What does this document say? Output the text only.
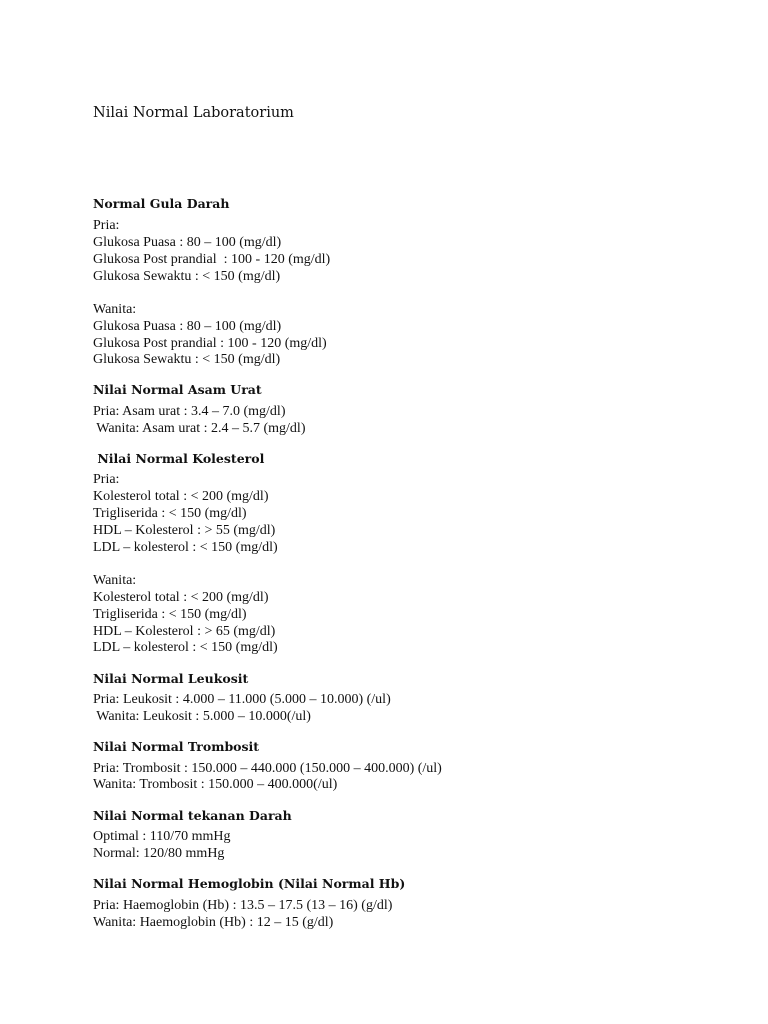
Nilai Normal Laboratorium
Normal Gula Darah

Pria:

Glukosa Puasa : 80 – 100 (mg/dl)

Glukosa Post prandial  : 100 - 120 (mg/dl)

Glukosa Sewaktu : < 150 (mg/dl)

Wanita:

Glukosa Puasa : 80 – 100 (mg/dl)

Glukosa Post prandial : 100 - 120 (mg/dl)

Glukosa Sewaktu : < 150 (mg/dl)

Nilai Normal Asam Urat

Pria: Asam urat : 3.4 – 7.0 (mg/dl)

Wanita: Asam urat : 2.4 – 5.7 (mg/dl)

Nilai Normal Kolesterol

Pria:

Kolesterol total : < 200 (mg/dl)

Trigliserida : < 150 (mg/dl)

HDL – Kolesterol : > 55 (mg/dl)

LDL – kolesterol : < 150 (mg/dl)

Wanita:

Kolesterol total : < 200 (mg/dl)

Trigliserida : < 150 (mg/dl)

HDL – Kolesterol : > 65 (mg/dl)

LDL – kolesterol : < 150 (mg/dl)

Nilai Normal Leukosit

Pria: Leukosit : 4.000 – 11.000 (5.000 – 10.000) (/ul)

Wanita: Leukosit : 5.000 – 10.000(/ul)

Nilai Normal Trombosit

Pria: Trombosit : 150.000 – 440.000 (150.000 – 400.000) (/ul)

Wanita: Trombosit : 150.000 – 400.000(/ul)

Nilai Normal tekanan Darah

Optimal : 110/70 mmHg

Normal: 120/80 mmHg

Nilai Normal Hemoglobin (Nilai Normal Hb)

Pria: Haemoglobin (Hb) : 13.5 – 17.5 (13 – 16) (g/dl)

Wanita: Haemoglobin (Hb) : 12 – 15 (g/dl)
